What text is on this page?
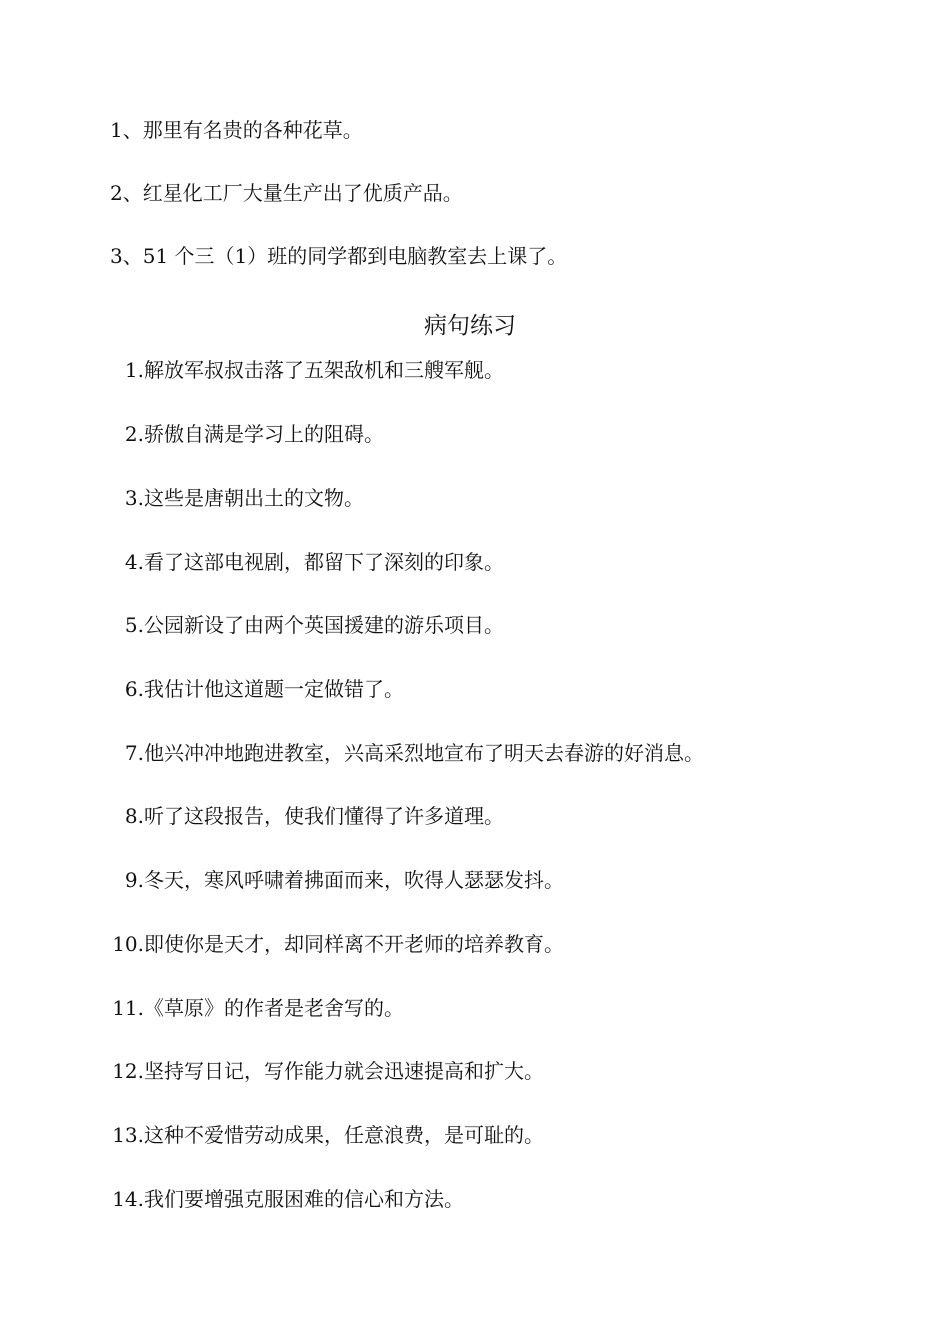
1、那里有名贵的各种花草。
2、红星化工厂大量生产出了优质产品。
3、51 个三（1）班的同学都到电脑教室去上课了。
病句练习
1.解放军叔叔击落了五架敌机和三艘军舰。
2.骄傲自满是学习上的阻碍。
3.这些是唐朝出土的文物。
4.看了这部电视剧，都留下了深刻的印象。
5.公园新设了由两个英国援建的游乐项目。
6.我估计他这道题一定做错了。
7.他兴冲冲地跑进教室，兴高采烈地宣布了明天去春游的好消息。
8.听了这段报告，使我们懂得了许多道理。
9.冬天，寒风呼啸着拂面而来，吹得人瑟瑟发抖。
10.即使你是天才，却同样离不开老师的培养教育。
11.《草原》的作者是老舍写的。
12.坚持写日记，写作能力就会迅速提高和扩大。
13.这种不爱惜劳动成果，任意浪费，是可耻的。
14.我们要增强克服困难的信心和方法。
